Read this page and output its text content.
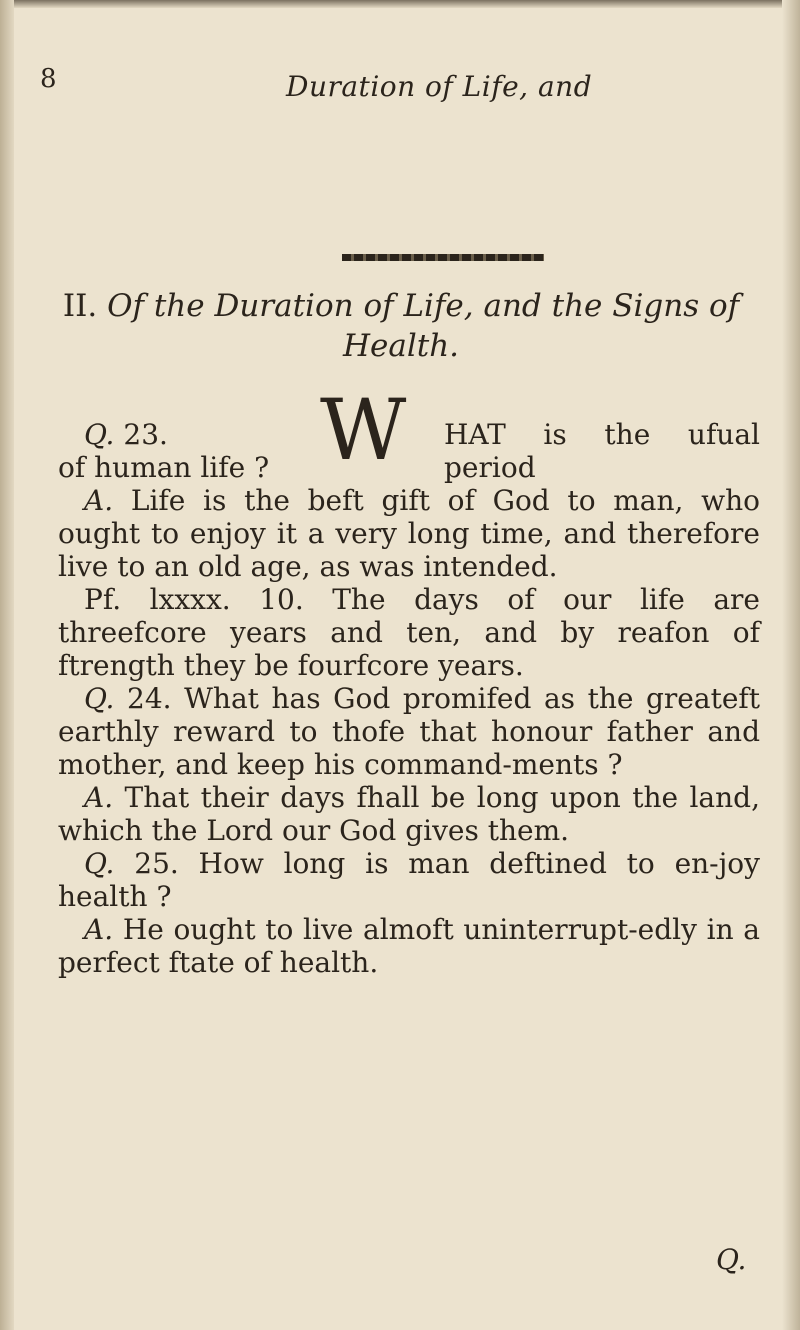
8	Duration of Life, and
II. Of the Duration of Life, and the Signs of Health.
Q. 23. W HAT is the ufual period

of human life ?

A. Life is the beft gift of God to man, who ought to enjoy it a very long time, and therefore live to an old age, as was intended.

Pf. lxxxx. 10. The days of our life are threefcore years and ten, and by reafon of ftrength they be fourfcore years.

Q. 24. What has God promifed as the greateft earthly reward to thofe that honour father and mother, and keep his command-ments ?

A. That their days fhall be long upon the land, which the Lord our God gives them.

Q. 25. How long is man deftined to en-joy health ?

A. He ought to live almoft uninterrupt-edly in a perfect ftate of health.

Q.
